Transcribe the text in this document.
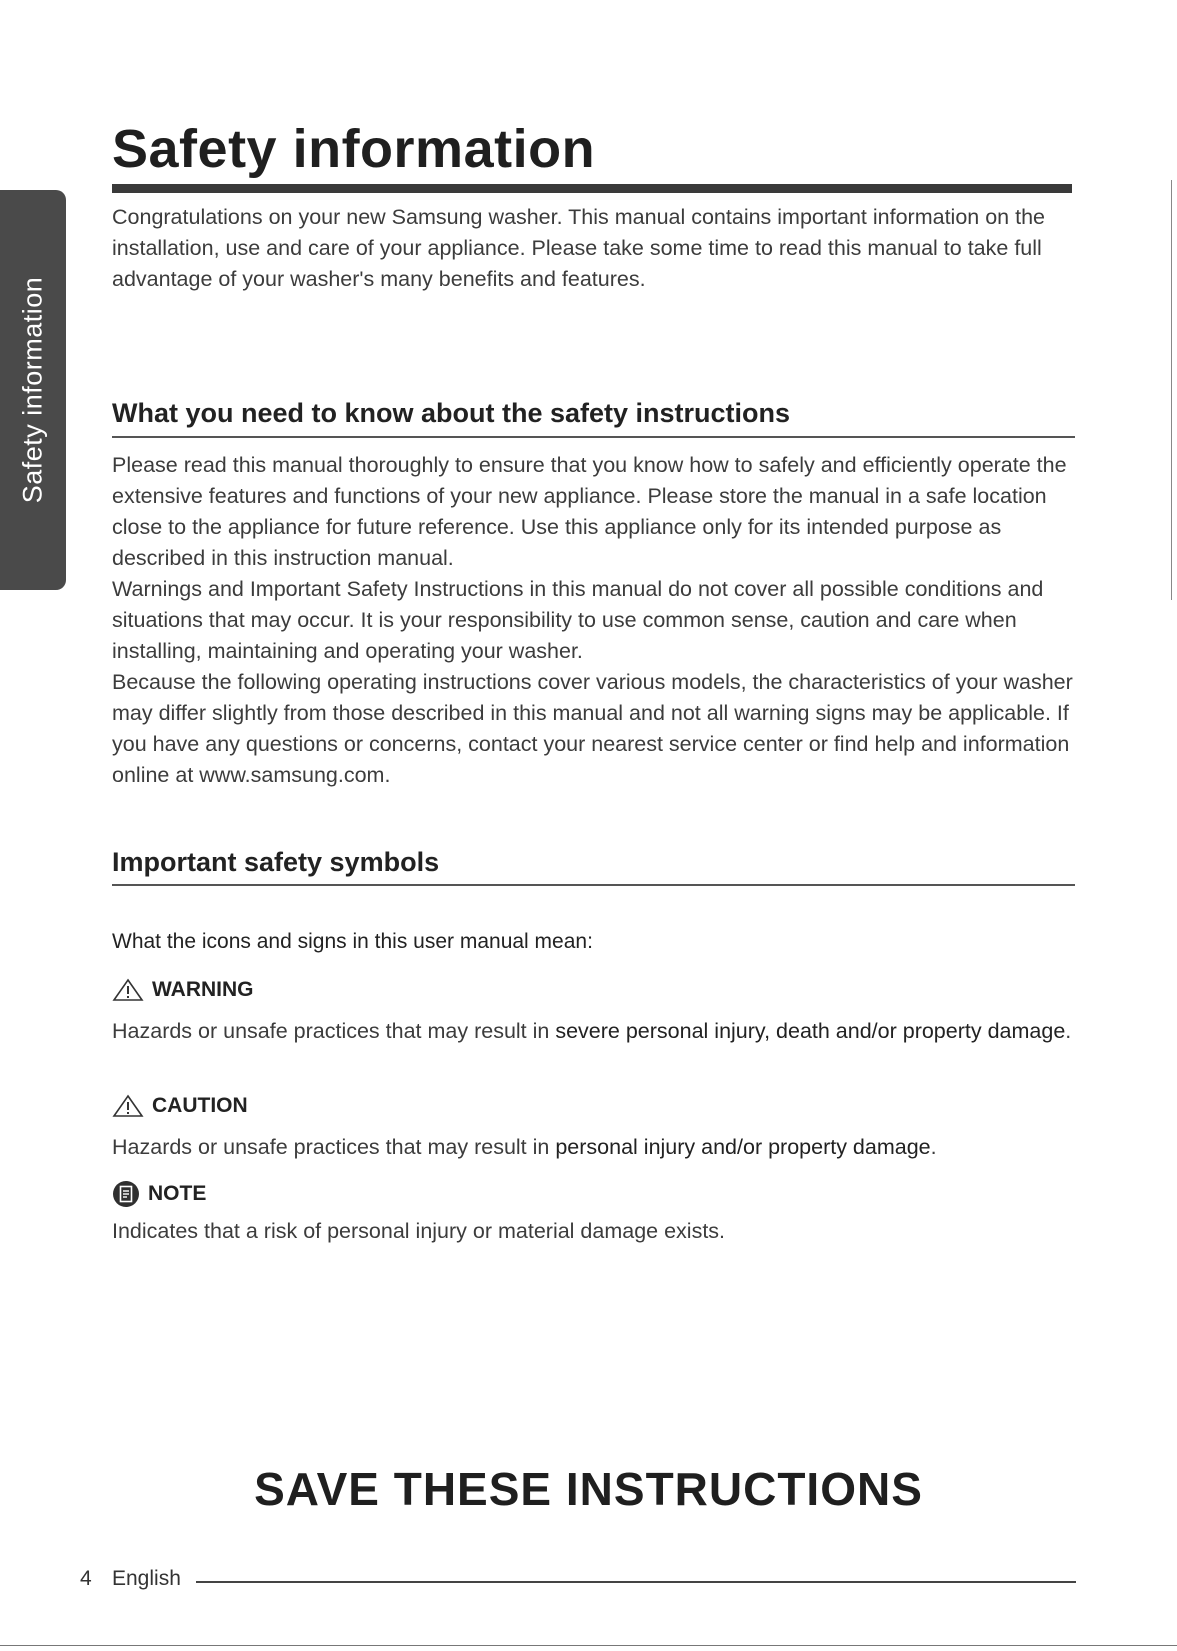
Safety information
Safety information
Congratulations on your new Samsung washer. This manual contains important information on the installation, use and care of your appliance. Please take some time to read this manual to take full advantage of your washer's many benefits and features.
What you need to know about the safety instructions

Please read this manual thoroughly to ensure that you know how to safely and efficiently operate the extensive features and functions of your new appliance. Please store the manual in a safe location close to the appliance for future reference. Use this appliance only for its intended purpose as described in this instruction manual.

Warnings and Important Safety Instructions in this manual do not cover all possible conditions and situations that may occur. It is your responsibility to use common sense, caution and care when installing, maintaining and operating your washer.

Because the following operating instructions cover various models, the characteristics of your washer may differ slightly from those described in this manual and not all warning signs may be applicable. If you have any questions or concerns, contact your nearest service center or find help and information online at www.samsung.com.

Important safety symbols
What the icons and signs in this user manual mean:
WARNING
Hazards or unsafe practices that may result in severe personal injury, death and/or property damage.
CAUTION
Hazards or unsafe practices that may result in personal injury and/or property damage.
NOTE
Indicates that a risk of personal injury or material damage exists.
SAVE THESE INSTRUCTIONS
4 English
